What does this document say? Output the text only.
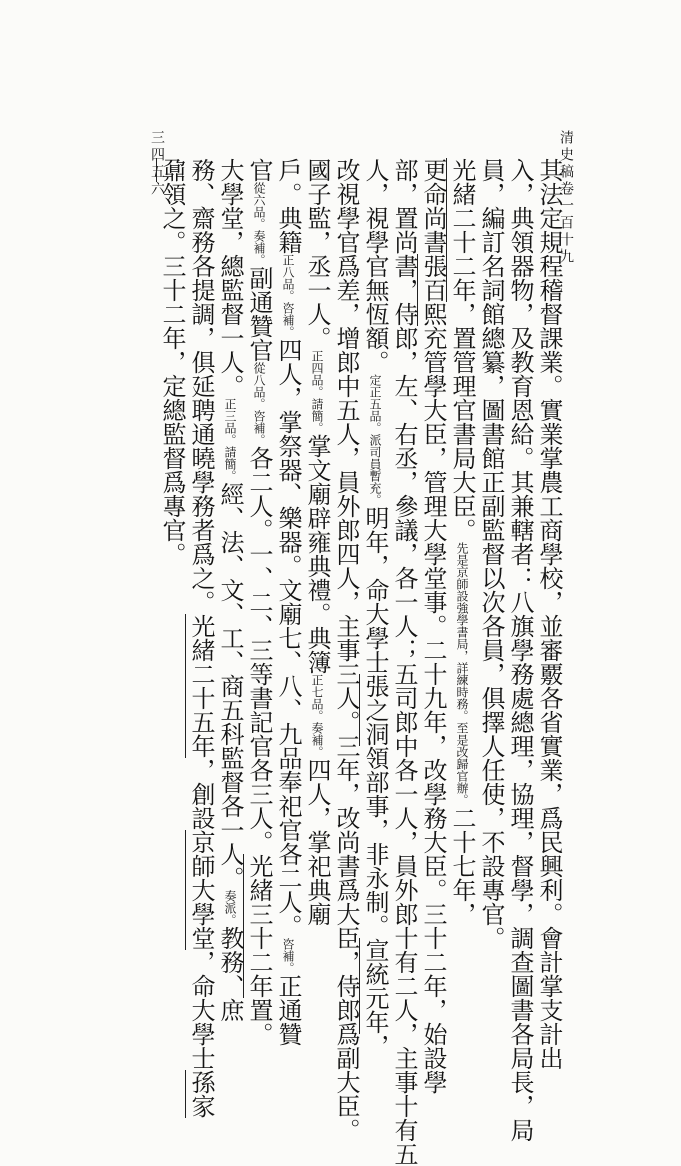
清史稿卷一百十九
三四五六	其法定規程稽督課業。實業掌農工商學校，並審覈各省實業，爲民興利。會計掌支計出
入，典領器物，及教育恩給。其兼轄者：八旗學務處總理，協理，督學，調查圖書各局長，局
員，編訂名詞館總纂，圖書館正副監督以次各員，俱擇人任使，不設專官。
光緒二十二年，置管理官書局大臣。先是京師設強學書局，詳練時務。至是改歸官辦。二十七年，
更命尚書張百熙充管學大臣，管理大學堂事。二十九年，改學務大臣。三十二年，始設學
部，置尚書，侍郎，左、右丞，參議，各一人；五司郎中各一人，員外郎十有二人，主事十有五
人，視學官無恆額。定正五品。派司員暫充。明年，命大學士張之洞領部事，非永制。宣統元年，
改視學官爲差，增郎中五人，員外郎四人，主事三人。三年，改尚書爲大臣，侍郎爲副大臣。
國子監，丞一人。正四品。請簡。掌文廟辟雍典禮。典簿正七品。奏補。四人，掌祀典廟
戶。典籍正八品。咨補。四人，掌祭器、樂器。文廟七、八、九品奉祀官各二人。咨補。正通贊
官從六品。奏補。副通贊官從八品。咨補。各二人。一、二、三等書記官各三人。光緒三十二年置。
大學堂，總監督一人。正三品。請簡。經、法、文、工、商五科監督各一人。奏派。教務、庶
務、齋務各提調，俱延聘通曉學務者爲之。光緒二十五年，創設京師大學堂，命大學士孫家
鼐領之。三十二年，定總監督爲專官。
